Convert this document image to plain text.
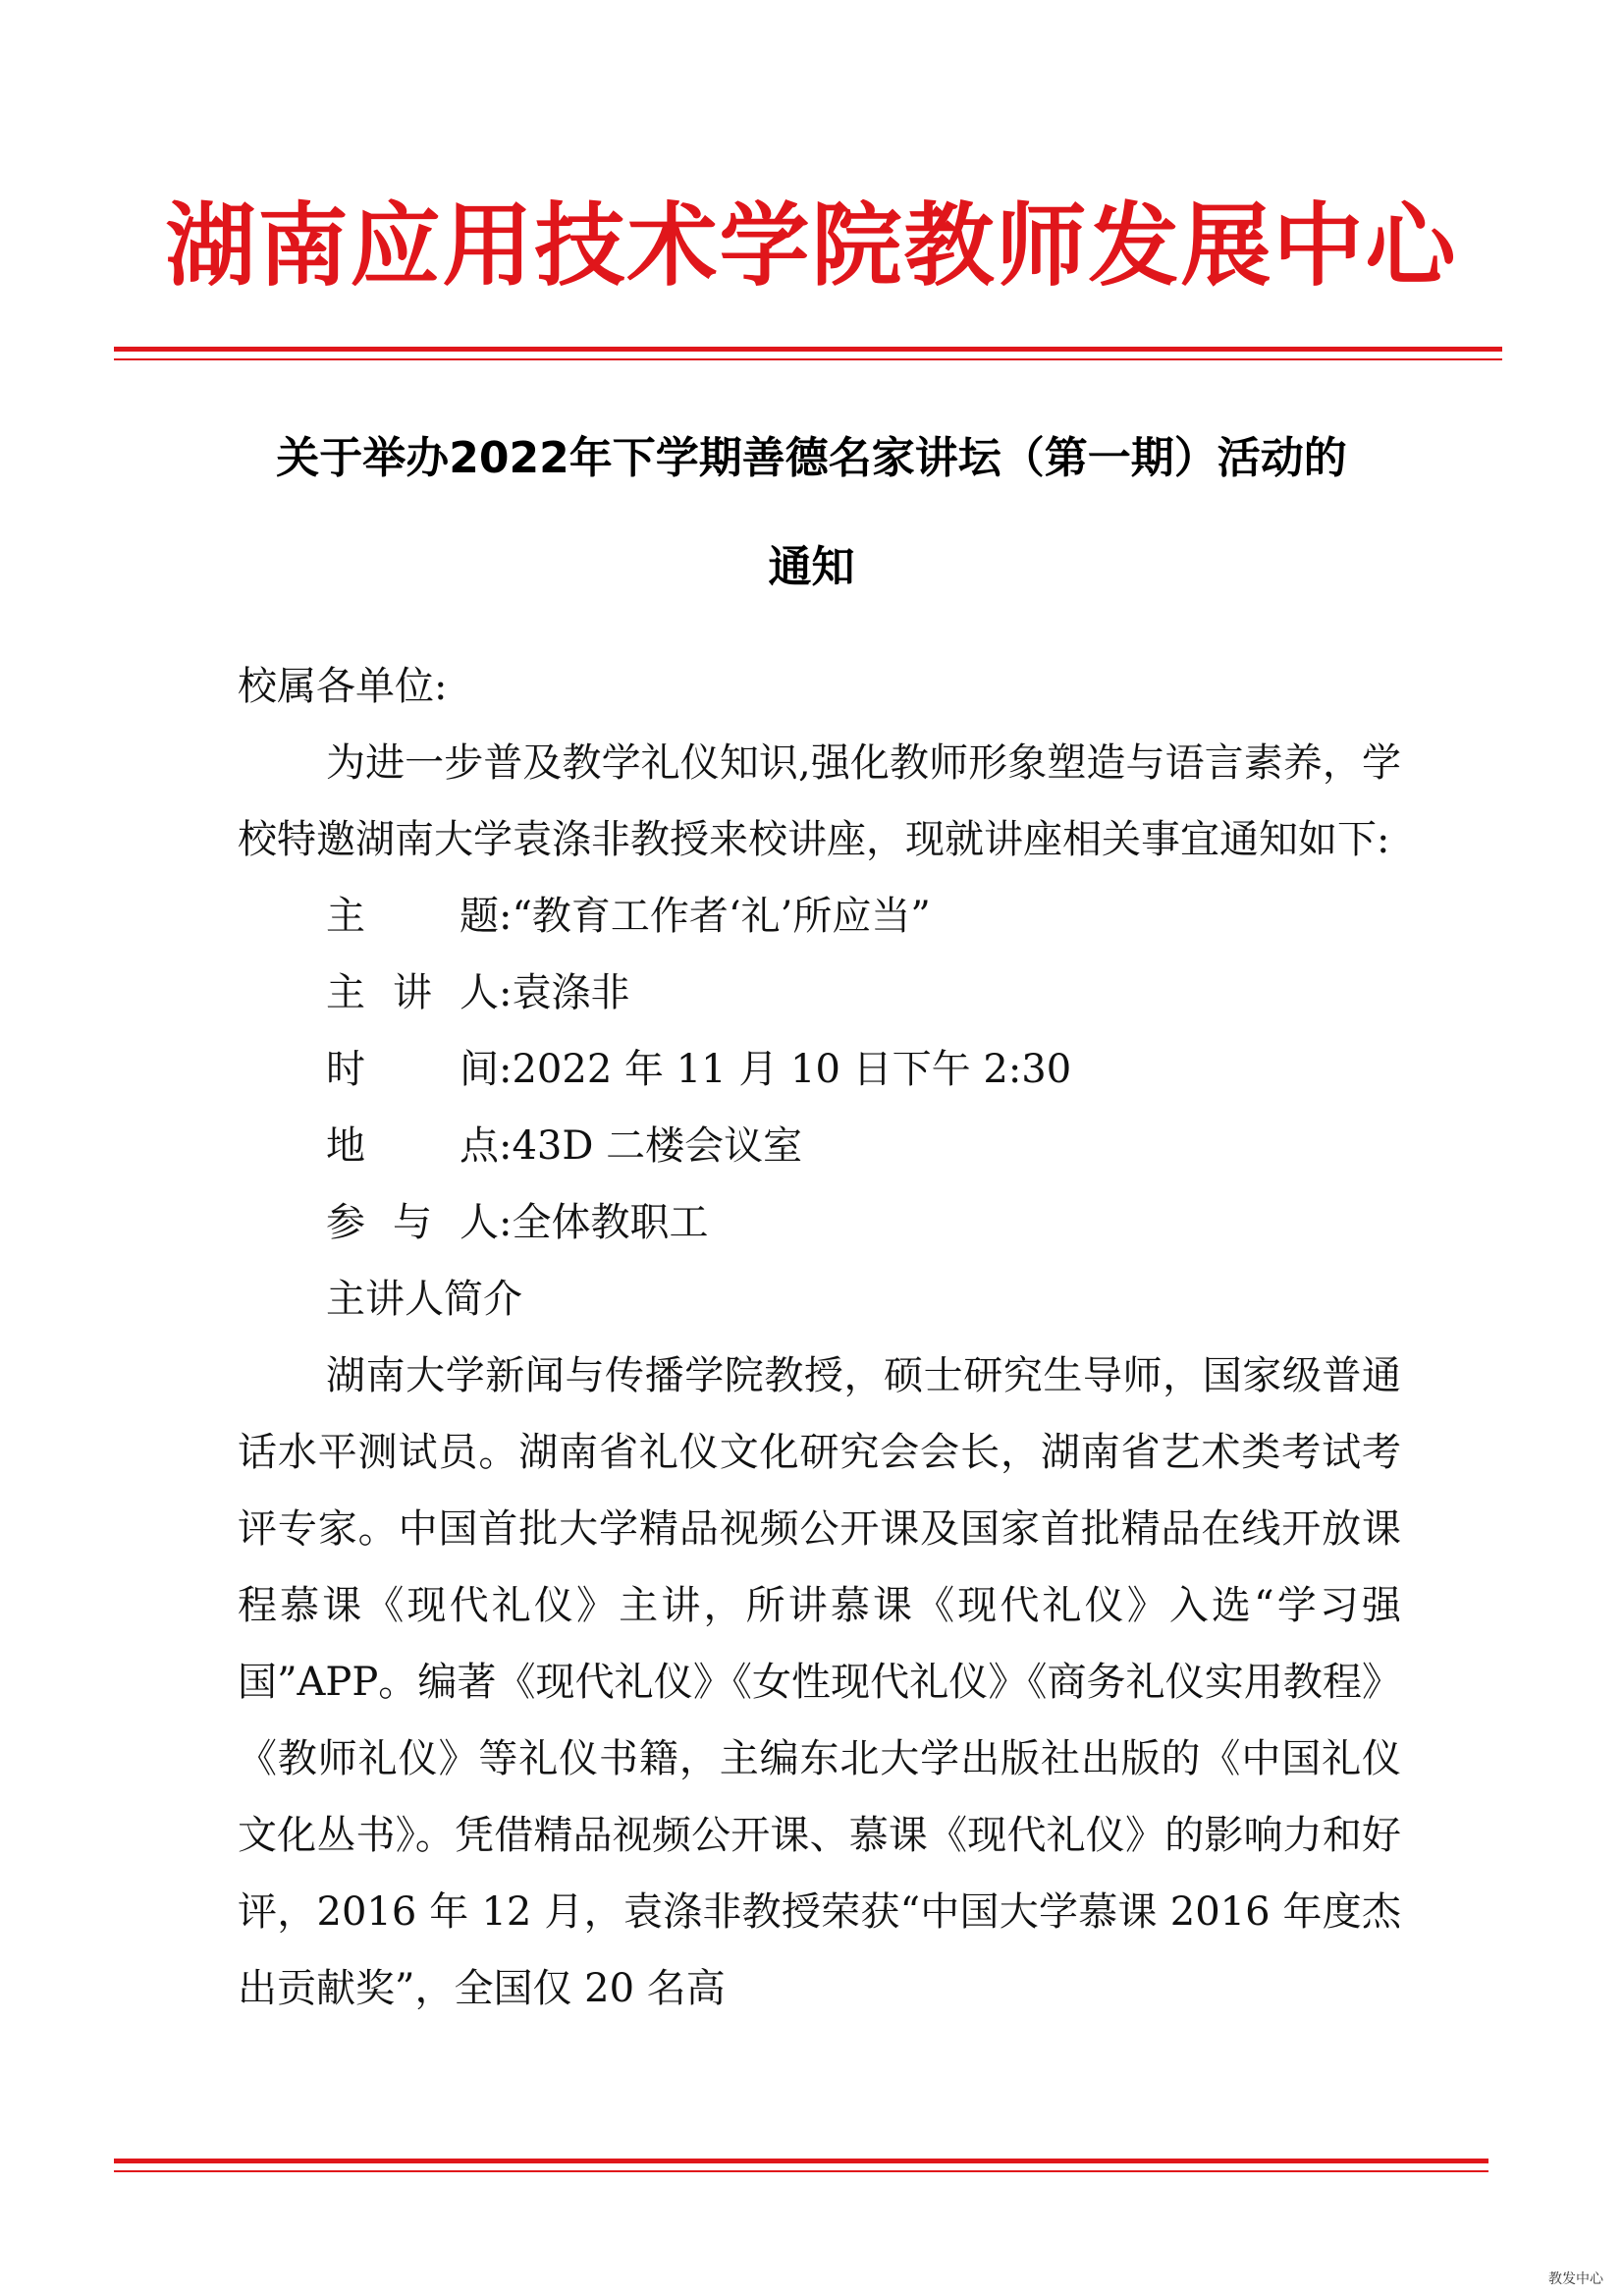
湖南应用技术学院教师发展中心
关于举办2022年下学期善德名家讲坛（第一期）活动的
通知

校属各单位:

为进一步普及教学礼仪知识,强化教师形象塑造与语言素养，学校特邀湖南大学袁涤非教授来校讲座，现就讲座相关事宜通知如下:

主题:“教育工作者‘礼’所应当”
主讲人:袁涤非
时间:2022 年 11 月 10 日下午 2:30
地点:43D 二楼会议室
参与人:全体教职工

主讲人简介

湖南大学新闻与传播学院教授，硕士研究生导师，国家级普通话水平测试员。湖南省礼仪文化研究会会长，湖南省艺术类考试考评专家。中国首批大学精品视频公开课及国家首批精品在线开放课程慕课《现代礼仪》主讲，所讲慕课《现代礼仪》入选“学习强国”APP。编著《现代礼仪》《女性现代礼仪》《商务礼仪实用教程》《教师礼仪》等礼仪书籍，主编东北大学出版社出版的《中国礼仪文化丛书》。凭借精品视频公开课、慕课《现代礼仪》的影响力和好评，2016 年 12 月，袁涤非教授荣获“中国大学慕课 2016 年度杰出贡献奖”，全国仅 20 名高

教发中心
